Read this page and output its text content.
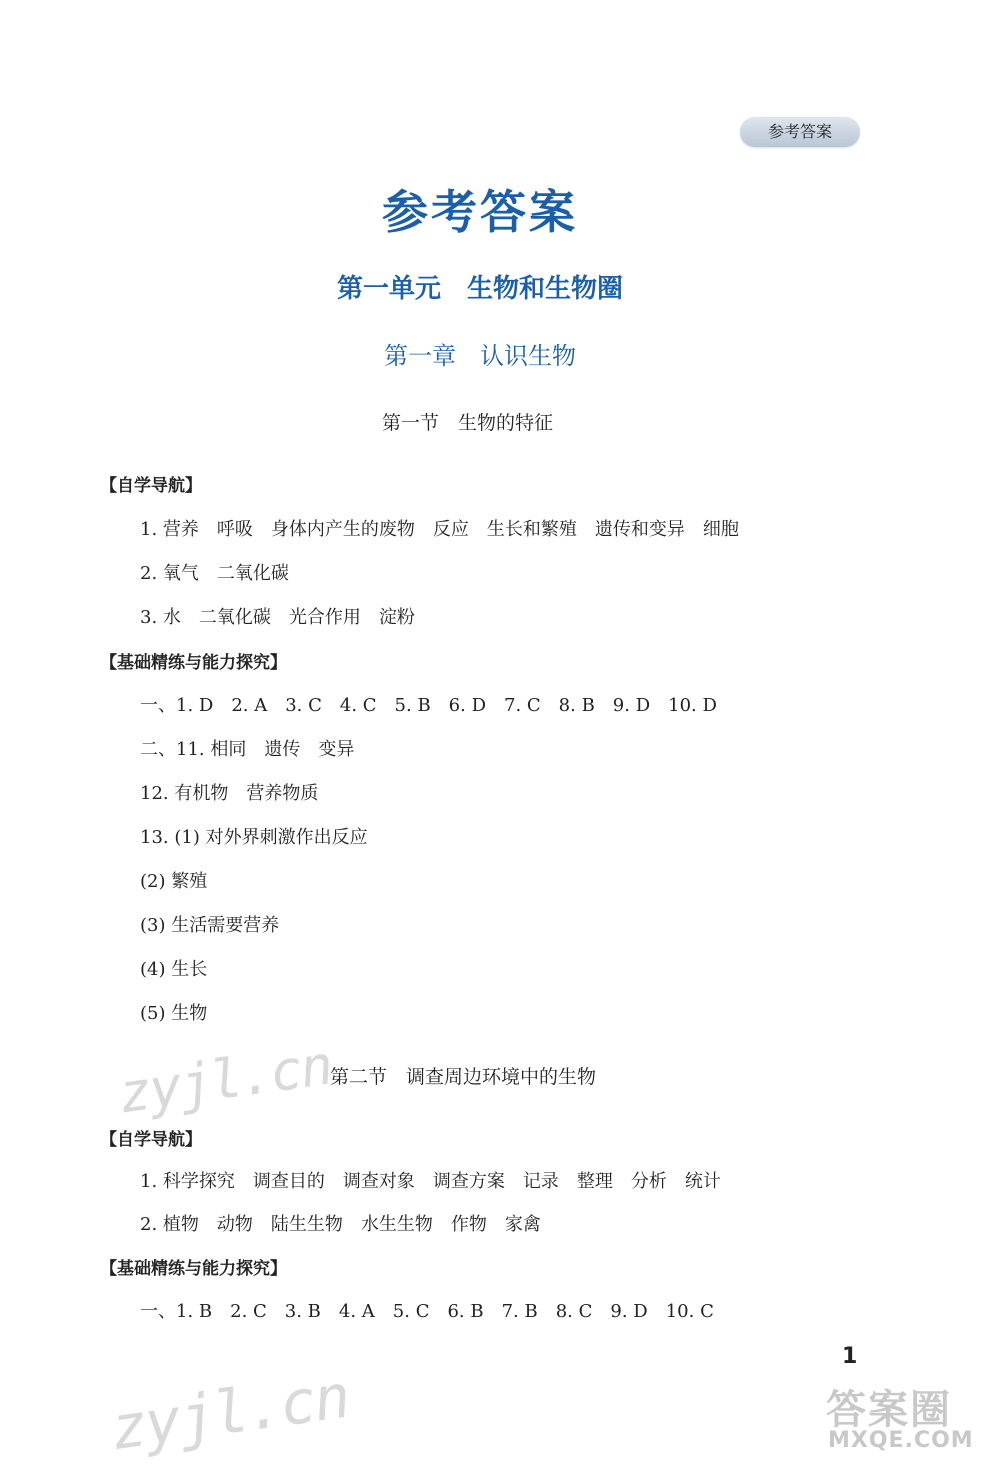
参考答案
参考答案
第一单元　生物和生物圈
第一章　认识生物
第一节　生物的特征
【自学导航】
1. 营养　呼吸　身体内产生的废物　反应　生长和繁殖　遗传和变异　细胞
2. 氧气　二氧化碳
3. 水　二氧化碳　光合作用　淀粉
【基础精练与能力探究】
一、1. D　2. A　3. C　4. C　5. B　6. D　7. C　8. B　9. D　10. D
二、11. 相同　遗传　变异
12. 有机物　营养物质
13. (1) 对外界刺激作出反应
(2) 繁殖
(3) 生活需要营养
(4) 生长
(5) 生物
第二节　调查周边环境中的生物
【自学导航】
1. 科学探究　调查目的　调查对象　调查方案　记录　整理　分析　统计
2. 植物　动物　陆生生物　水生生物　作物　家禽
【基础精练与能力探究】
一、1. B　2. C　3. B　4. A　5. C　6. B　7. B　8. C　9. D　10. C
1
zyjl.cn
zyjl.cn	答案圈
MXQE.COM
